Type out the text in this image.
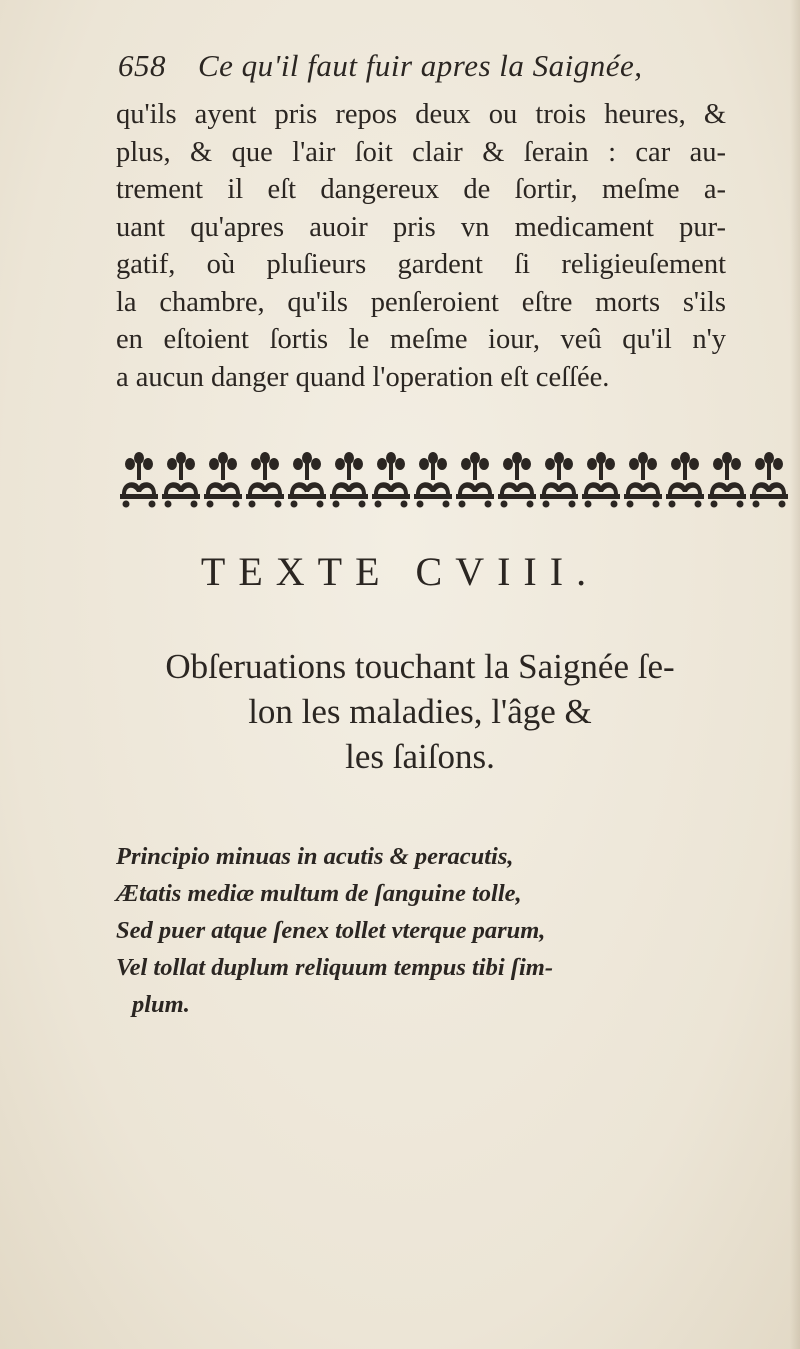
658 Ce qu'il faut fuir apres la Saignée,
qu'ils ayent pris repos deux ou trois heures, &
plus, & que l'air ſoit clair & ſerain : car au-
trement il eſt dangereux de ſortir, meſme a-
uant qu'apres auoir pris vn medicament pur-
gatif, où pluſieurs gardent ſi religieuſement
la chambre, qu'ils penſeroient eſtre morts s'ils
en eſtoient ſortis le meſme iour, veû qu'il n'y
a aucun danger quand l'operation eſt ceſſée.
TEXTE CVIII.
Obſeruations touchant la Saignée ſe-
lon les maladies, l'âge &
les ſaiſons.
Principio minuas in acutis & peracutis,
Ætatis mediæ multum de ſanguine tolle,
Sed puer atque ſenex tollet vterque parum,
Vel tollat duplum reliquum tempus tibi ſim-
plum.
